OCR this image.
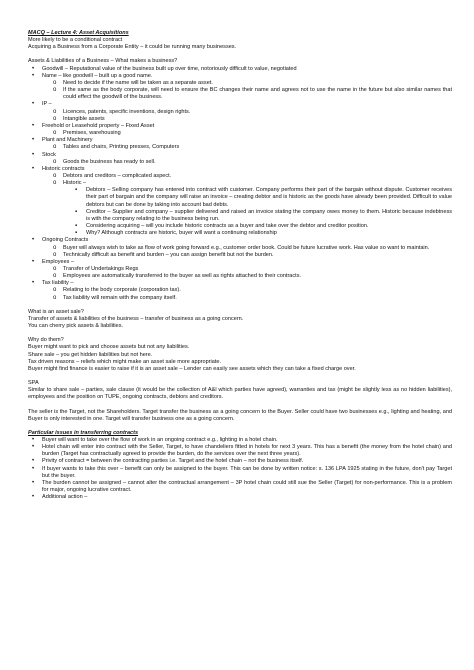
MACQ – Lecture 4: Asset Acquisitions
More likely to be a conditional contract
Acquiring a Business from a Corporate Entity – it could be running many businesses.
Assets & Liabilities of a Business – What makes a business?
• Goodwill – Reputational value of the business built up over time, notoriously difficult to value, negotiated
• Name – like goodwill – built up a good name.
o Need to decide if the name will be taken as a separate asset.
o If the same as the body corporate, will need to ensure the BC changes their name and agrees not to use the name in the future but also similar names that could effect the goodwill of the business.
• IP –
o Licences, patents, specific inventions, design rights.
o Intangible assets
• Freehold or Leasehold property – Fixed Asset
o Premises, warehousing
• Plant and Machinery
o Tables and chairs, Printing presses, Computers
• Stock
o Goods the business has ready to sell.
• Historic contracts
o Debtors and creditors – complicated aspect.
o Historic –
▪ Debtors – Selling company has entered into contract with customer. Company performs their part of the bargain without dispute. Customer receives their part of bargain and the company will raise an invoice – creating debtor and is historic as the goods have already been provided. Difficult to value debtors but can be done by taking into account bad debts.
▪ Creditor – Supplier and company – supplier delivered and raised an invoice stating the company owes money to them. Historic because indebtness is with the company relating to the business being run.
▪ Considering acquiring – will you include historic contracts as a buyer and take over the debtor and creditor position.
▪ Why? Although contracts are historic, buyer will want a continuing relationship
• Ongoing Contracts
o Buyer will always wish to take as flow of work going forward e.g., customer order book. Could be future lucrative work. Has value so want to maintain.
o Technically difficult as benefit and burden – you can assign benefit but not the burden.
• Employees –
o Transfer of Undertakings Regs
o Employees are automatically transferred to the buyer as well as rights attached to their contracts.
• Tax liability –
o Relating to the body corporate (corporation tax).
o Tax liability will remain with the company itself.
What is an asset sale?
Transfer of assets & liabilities of the business – transfer of business as a going concern.
You can cherry pick assets & liabilities.
Why do them?
Buyer might want to pick and choose assets but not any liabilities.
Share sale – you get hidden liabilities but not here.
Tax driven reasons – reliefs which might make an asset sale more appropriate.
Buyer might find finance is easier to raise if it is an asset sale – Lender can easily see assets which they can take a fixed charge over.
SPA
Similar to share sale – parties, sale clause (it would be the collection of A&l which parties have agreed), warranties and tax (might be slightly less as no hidden liabilities), employees and the position on TUPE, ongoing contracts, debtors and creditors.
The seller is the Target, not the Shareholders. Target transfer the business as a going concern to the Buyer. Seller could have two businesses e.g., lighting and heating, and Buyer is only interested in one. Target will transfer business one as a going concern.
Particular issues in transferring contracts
• Buyer will want to take over the flow of work in an ongoing contract e.g., lighting in a hotel chain.
• Hotel chain will enter into contract with the Seller, Target, to have chandeliers fitted in hotels for next 3 years. This has a benefit (the money from the hotel chain) and burden (Target has contractually agreed to provide the burden, do the services over the next three years).
• Privity of contract = between the contracting parties i.e. Target and the hotel chain – not the business itself.
• If buyer wants to take this over – benefit can only be assigned to the buyer. This can be done by written notice: s. 136 LPA 1925 stating in the future, don't pay Target but the buyer.
• The burden cannot be assigned – cannot alter the contractual arrangement – 3P hotel chain could still sue the Seller (Target) for non-performance. This is a problem for major, ongoing lucrative contract.
• Additional action –
